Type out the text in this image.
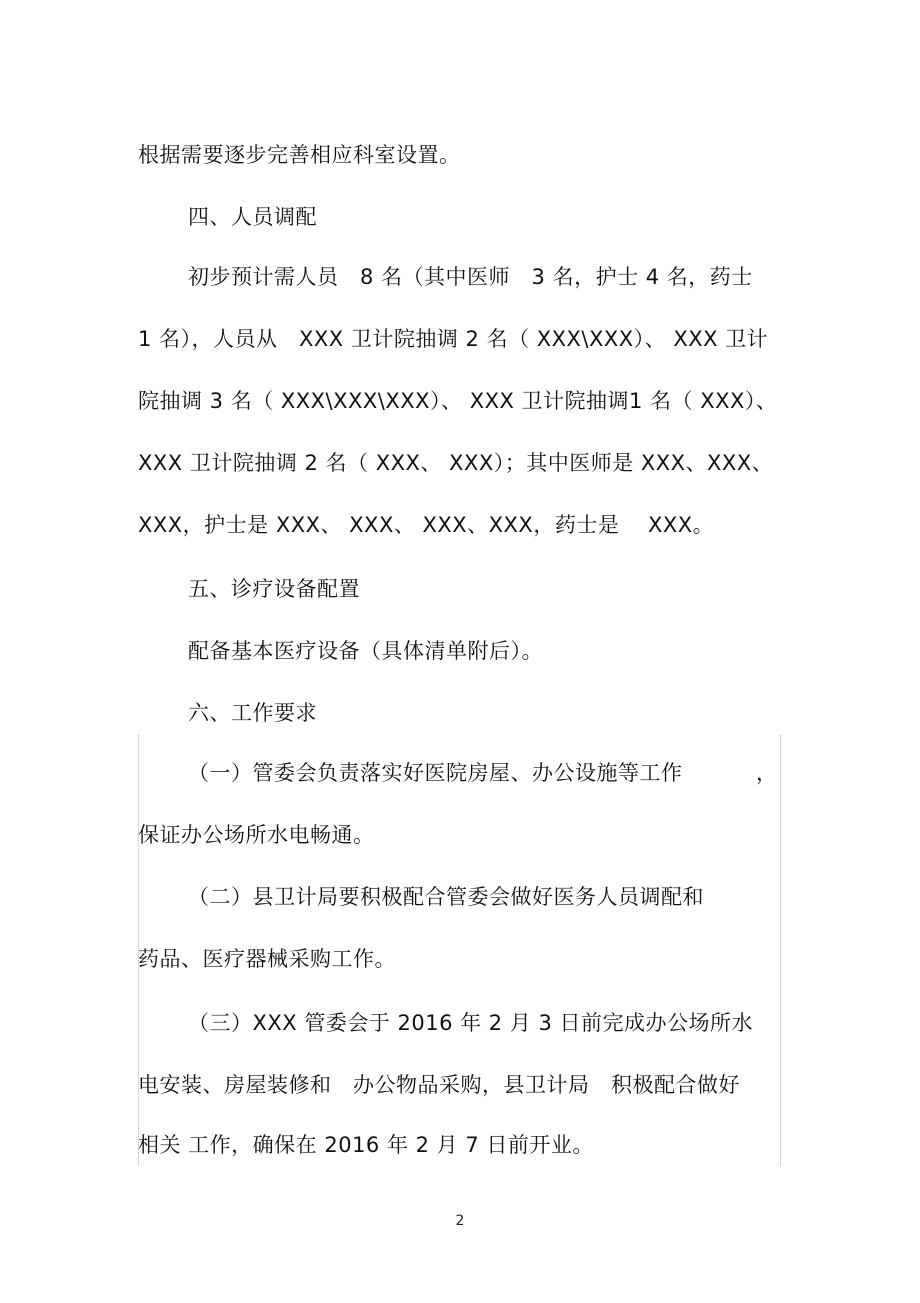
根据需要逐步完善相应科室设置。
四、人员调配
初步预计需人员　8 名（其中医师　3 名，护士 4 名，药士
1 名），人员从　XXX 卫计院抽调 2 名（ XXX\XXX）、 XXX 卫计
院抽调 3 名（ XXX\XXX\XXX）、 XXX 卫计院抽调1 名（ XXX）、
XXX 卫计院抽调 2 名（ XXX、 XXX）；其中医师是 XXX、XXX、
XXX，护士是 XXX、 XXX、 XXX、XXX，药士是　 XXX。
五、诊疗设备配置
配备基本医疗设备（具体清单附后）。
六、工作要求
（一）管委会负责落实好医院房屋、办公设施等工作	，
保证办公场所水电畅通。
（二）县卫计局要积极配合管委会做好医务人员调配和
药品、医疗器械采购工作。
（三）XXX 管委会于 2016 年 2 月 3 日前完成办公场所水
电安装、房屋装修和　办公物品采购，县卫计局　积极配合做好
相关 工作，确保在 2016 年 2 月 7 日前开业。
2
